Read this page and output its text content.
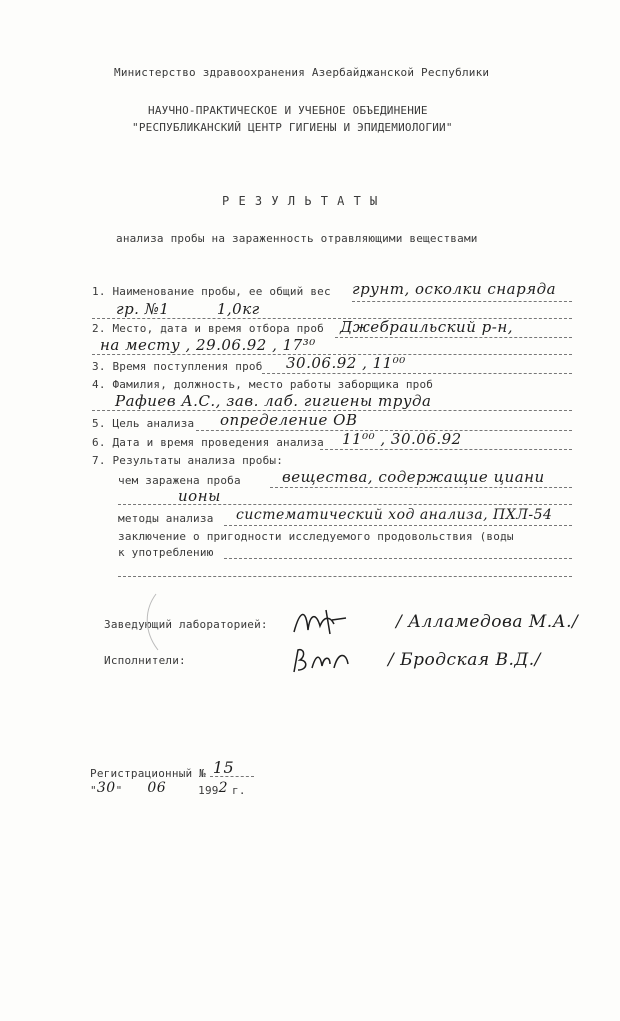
Министерство здравоохранения Азербайджанской Республики
НАУЧНО-ПРАКТИЧЕСКОЕ И УЧЕБНОЕ ОБЪЕДИНЕНИЕ
"РЕСПУБЛИКАНСКИЙ ЦЕНТР ГИГИЕНЫ И ЭПИДЕМИОЛОГИИ"
Р Е З У Л Ь Т А Т Ы
анализа пробы на зараженность отравляющими веществами
1. Наименование пробы, ее общий вес грунт, осколки снаряда
гр. №1         1,0кг
2. Место, дата и время отбора проб Джебраильский р-н,
на месту , 29.06.92 , 17³⁰
3. Время поступления проб 30.06.92 , 11⁰⁰
4. Фамилия, должность, место работы заборщика проб
Рафиев А.С., зав. лаб. гигиены труда
5. Цель анализа определение ОВ
6. Дата и время проведения анализа 11⁰⁰ , 30.06.92
7. Результаты анализа пробы:
чем заражена проба	вещества, содержащие циани
ионы
методы анализа систематический ход анализа, ПХЛ-54
заключение о пригодности исследуемого продовольствия (воды
к употреблению
Заведующий лабораторией:	/ Алламедова М.А./
Исполнители:	/ Бродская В.Д./
Регистрационный № 15
"30" 06	1992 г.
